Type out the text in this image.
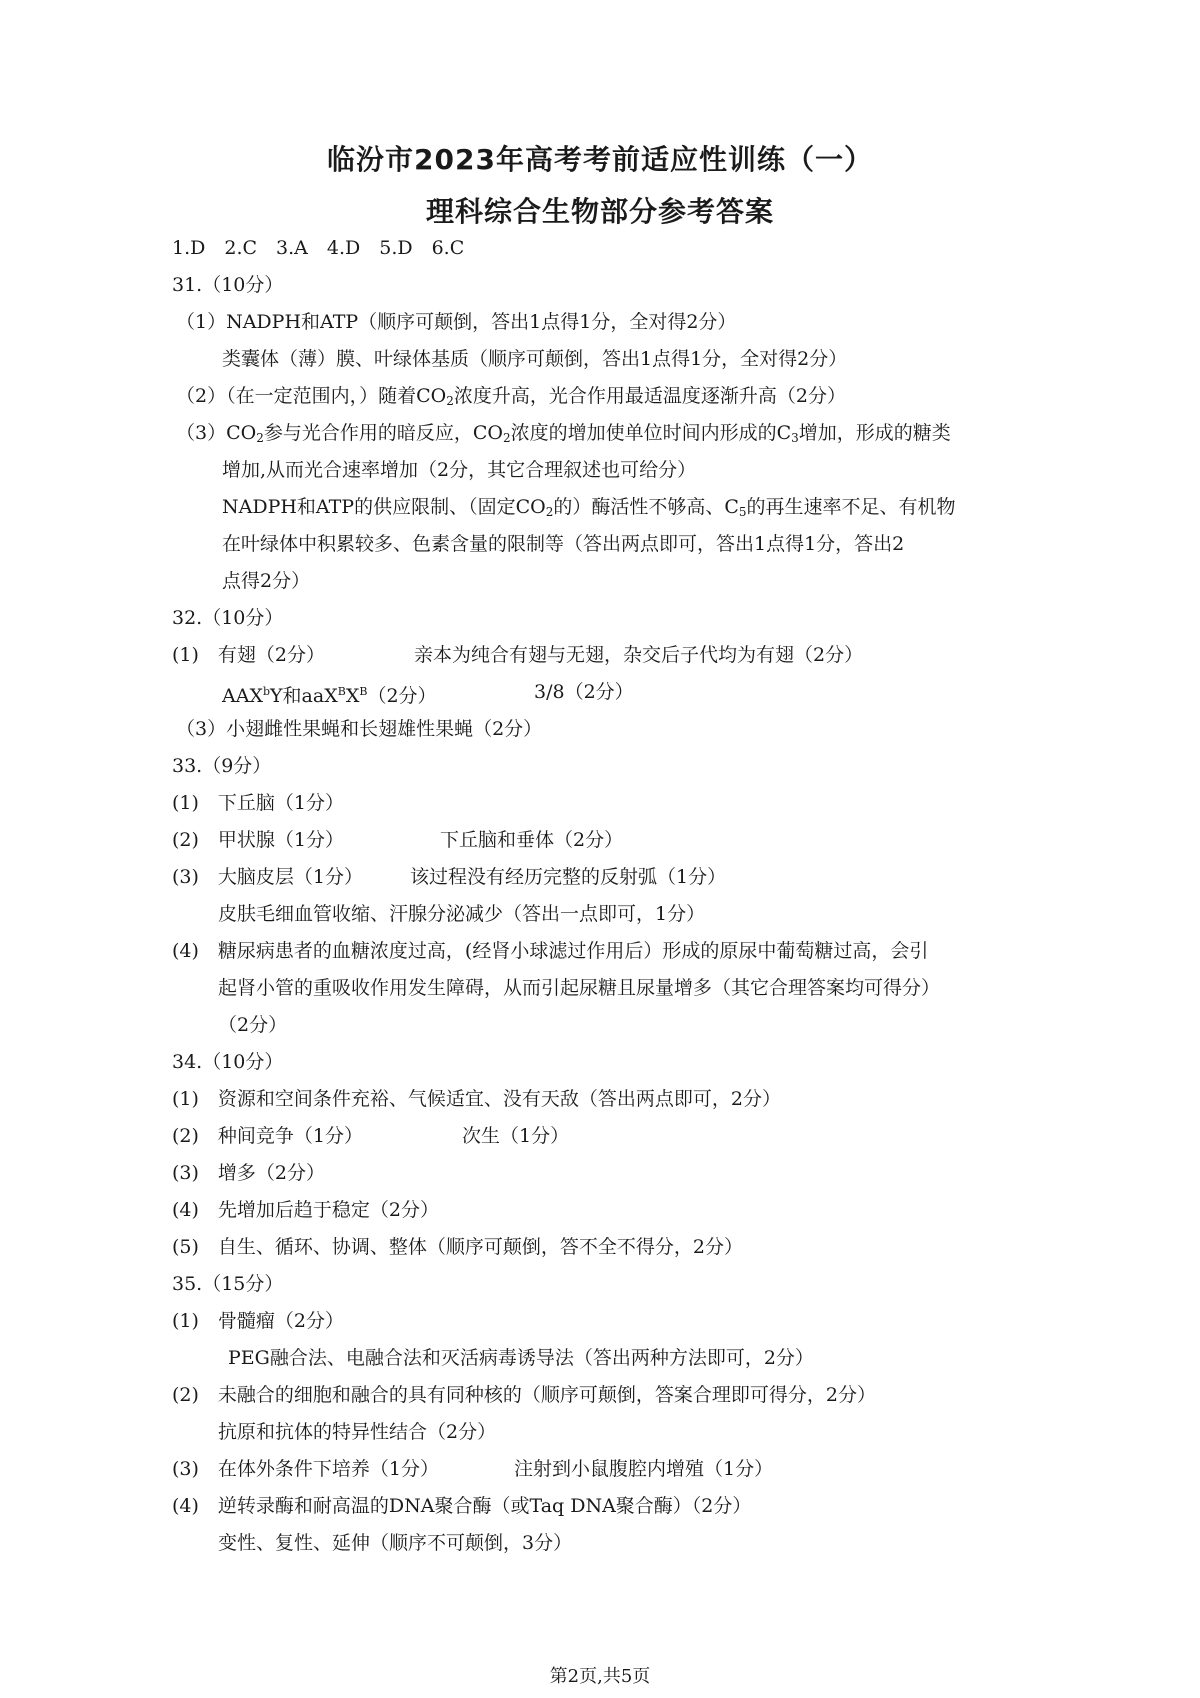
临汾市2023年高考考前适应性训练（一）
理科综合生物部分参考答案
1.D　2.C　3.A　4.D　5.D　6.C
31.（10分）
（1）NADPH和ATP（顺序可颠倒，答出1点得1分，全对得2分）
类囊体（薄）膜、叶绿体基质（顺序可颠倒，答出1点得1分，全对得2分）
（2）（在一定范围内，）随着$CO_2$浓度升高，光合作用最适温度逐渐升高（2分）
$(3)CO_2$参与光合作用的暗反应，$CO_2$浓度的增加使单位时间内形成的$C_3$增加，形成的糖类
增加,从而光合速率增加（2分，其它合理叙述也可给分）
NADPH和ATP的供应限制、（固定$CO_2$的）酶活性不够高、$C_5$的再生速率不足、有机物
在叶绿体中积累较多、色素含量的限制等（答出两点即可，答出1点得1分，答出2
点得2分）
32.（10分）
(1)　有翅（2分）	亲本为纯合有翅与无翅，杂交后子代均为有翅（2分）
AAX$^b$Y和$aaX^BX^B(2$分）	3/8（2分）
（3）小翅雌性果蝇和长翅雄性果蝇（2分）
33.（9分）
(1)　下丘脑（1分）
(2)　甲状腺（1分）	下丘脑和垂体（2分）
(3)　大脑皮层（1分） 该过程没有经历完整的反射弧（1分）
皮肤毛细血管收缩、汗腺分泌减少（答出一点即可，1分）
(4)　糖尿病患者的血糖浓度过高，(经肾小球滤过作用后）形成的原尿中葡萄糖过高，会引
起肾小管的重吸收作用发生障碍，从而引起尿糖且尿量增多（其它合理答案均可得分）
（2分）
34.（10分）
(1)　资源和空间条件充裕、气候适宜、没有天敌（答出两点即可，2分）
(2)　种间竞争（1分）	次生（1分）
(3)　增多（2分）
(4)　先增加后趋于稳定（2分）
(5)　自生、循环、协调、整体（顺序可颠倒，答不全不得分，2分）
35.（15分）
(1)　骨髓瘤（2分）
PEG融合法、电融合法和灭活病毒诱导法（答出两种方法即可，2分）
(2)　未融合的细胞和融合的具有同种核的（顺序可颠倒，答案合理即可得分，2分）
抗原和抗体的特异性结合（2分）
(3)　在体外条件下培养（1分）	注射到小鼠腹腔内增殖（1分）
(4)　逆转录酶和耐高温的DNA聚合酶（或Taq DNA聚合酶）（2分）
变性、复性、延伸（顺序不可颠倒，3分）
第2页,共5页
